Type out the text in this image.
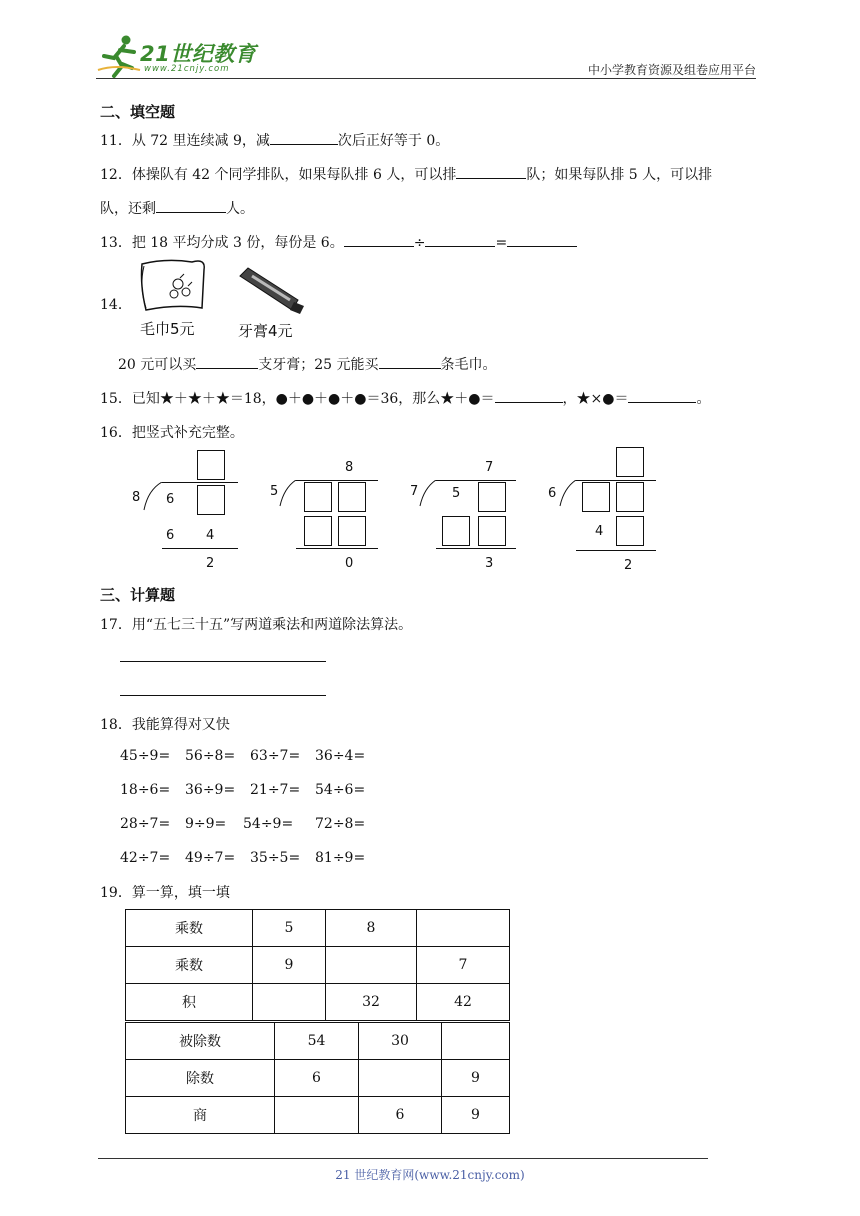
21世纪教育
www.21cnjy.com	中小学教育资源及组卷应用平台
二、填空题
11．从 72 里连续减 9，减	次后正好等于 0。
12．体操队有 42 个同学排队，如果每队排 6 人，可以排	队；如果每队排 5 人，可以排
队，还剩	人。
13．把 18 平均分成 3 份，每份是 6。	÷	=
14．
毛巾5元	牙膏4元
20 元可以买	支牙膏；25 元能买	条毛巾。
15．已知★＋★＋★＝18，●＋●＋●＋●＝36，那么★＋●＝	，★×●＝	。
16．把竖式补充完整。
8 6
6 4
2
8
5
0
7
7	5
3
6
4
2
三、计算题
17．用“五七三十五”写两道乘法和两道除法算法。
18．我能算得对又快
45÷9= 56÷8= 63÷7= 36÷4=
18÷6= 36÷9= 21÷7= 54÷6=
28÷7= 9÷9= 54÷9= 72÷8=
42÷7= 49÷7= 35÷5= 81÷9=
19．算一算，填一填
乘数	5	8	
乘数	9		7
积		32	42
被除数	54	30	
除数	6		9
商		6	9
21 世纪教育网(www.21cnjy.com)
